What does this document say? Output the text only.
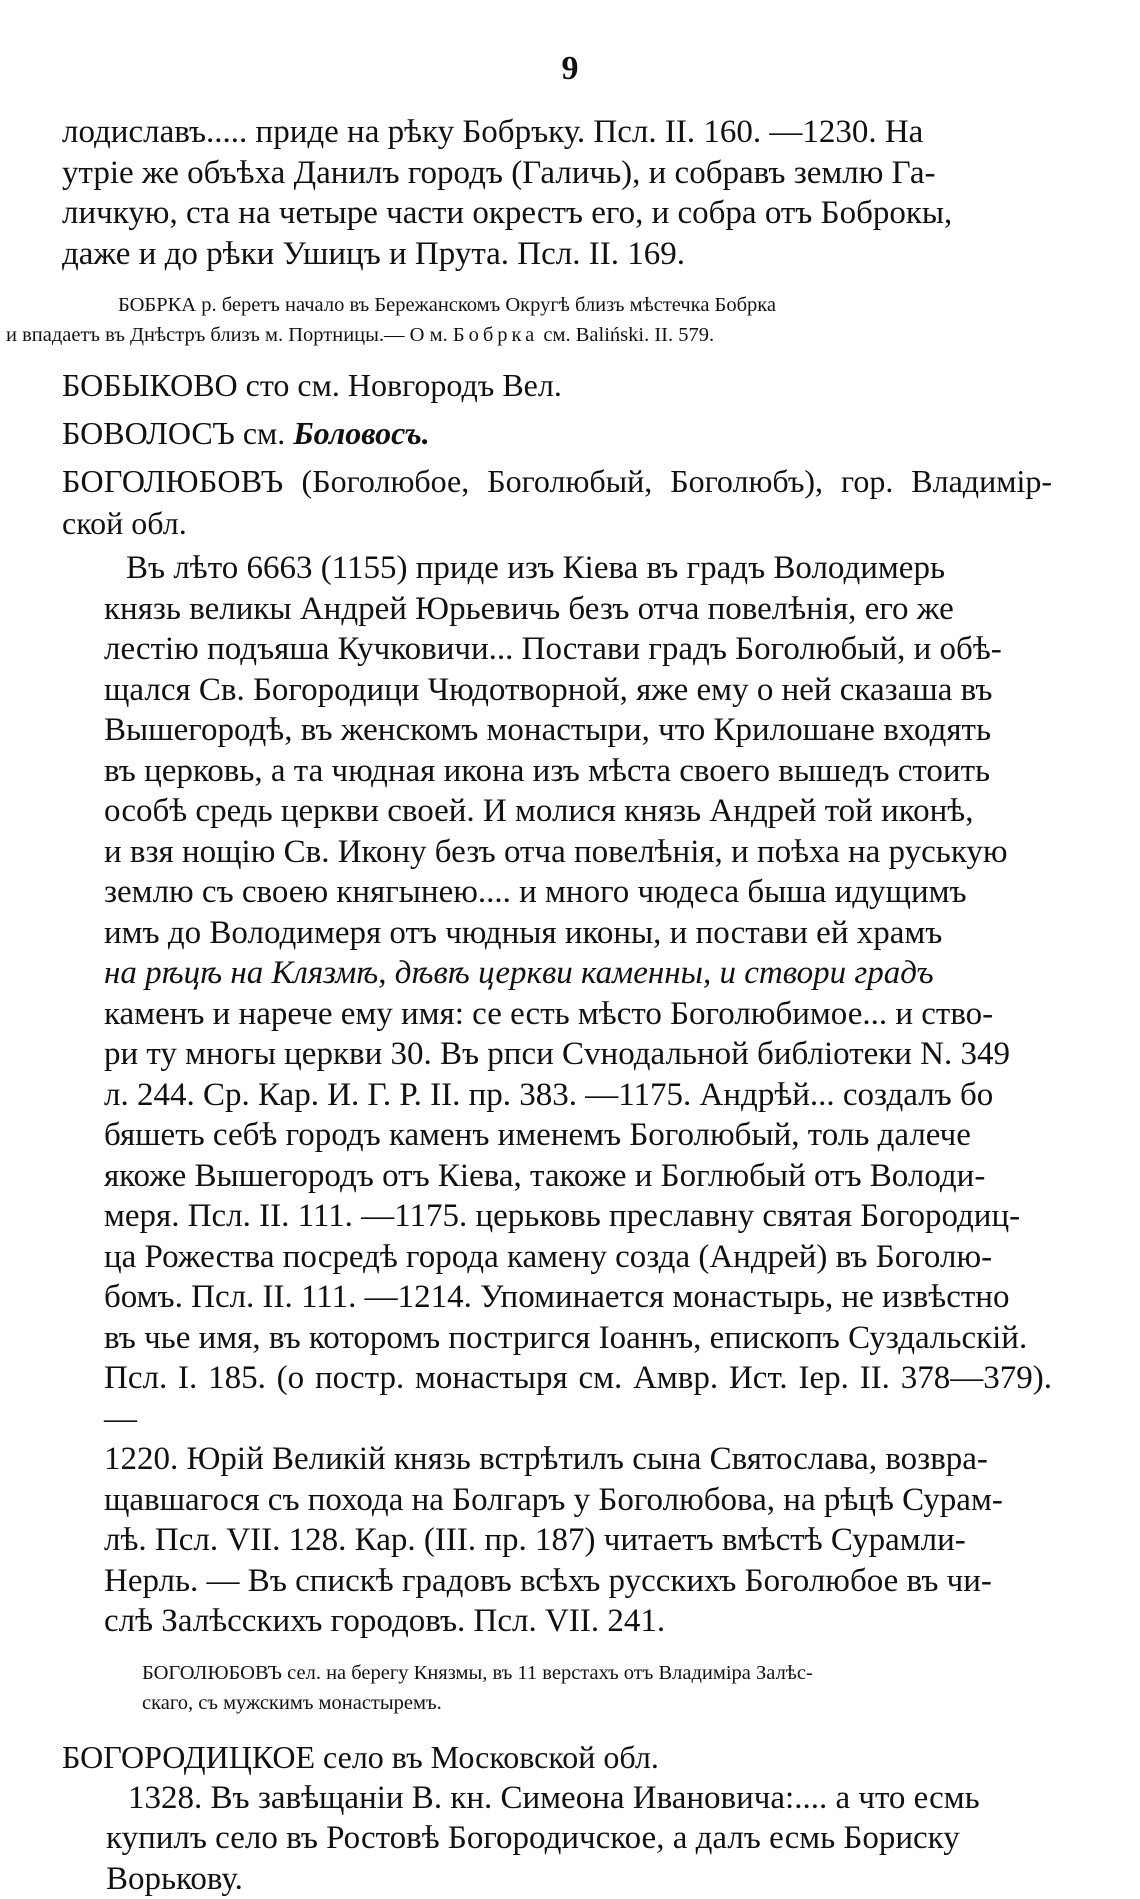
9
лодиславъ..... приде на рѣку Бобръку. Псл. II. 160. —1230. На
утріе же объѣха Данилъ городъ (Галичь), и собравъ землю Га-
личкую, ста на четыре части окрестъ его, и собра отъ Боброкы,
даже и до рѣки Ушицъ и Прута. Псл. II. 169.
БОБРКА р. беретъ начало въ Бережанскомъ Округѣ близъ мѣстечка Бобрка
и впадаетъ въ Днѣстръ близъ м. Портницы.— О м. Бобрка см. Baliński. II. 579.
БОБЫКОВО сто см. Новгородъ Вел.
БОВОЛОСЪ см. Боловосъ.
БОГОЛЮБОВЪ (Боголюбое, Боголюбый, Боголюбъ), гор. Владимір-
ской обл.
Въ лѣто 6663 (1155) приде изъ Кіева въ градъ Володимерь
князь великы Андрей Юрьевичь безъ отча повелѣнія, его же
лестію подъяша Кучковичи... Постави градъ Боголюбый, и обѣ-
щался Св. Богородици Чюдотворной, яже ему о ней сказаша въ
Вышегородѣ, въ женскомъ монастыри, что Крилошане входять
въ церковь, а та чюдная икона изъ мѣста своего вышедъ стоить
особѣ средь церкви своей. И молися князь Андрей той иконѣ,
и взя нощію Св. Икону безъ отча повелѣнія, и поѣха на руськую
землю съ своею княгынею.... и много чюдеса быша идущимъ
имъ до Володимеря отъ чюдныя иконы, и постави ей храмъ
на рѣцѣ на Клязмѣ, дѣвѣ церкви каменны, и створи градъ
каменъ и нарече ему имя: се есть мѣсто Боголюбимое... и ство-
ри ту многы церкви 30. Въ рпси Сvнодальной библіотеки N. 349
л. 244. Ср. Кар. И. Г. Р. II. пр. 383. —1175. Андрѣй... создалъ бо
бяшеть себѣ городъ каменъ именемъ Боголюбый, толь далече
якоже Вышегородъ отъ Кіева, такоже и Боглюбый отъ Володи-
меря. Псл. II. 111. —1175. церьковь преславну святая Богородиц-
ца Рожества посредѣ города камену созда (Андрей) въ Боголю-
бомъ. Псл. II. 111. —1214. Упоминается монастырь, не извѣстно
въ чье имя, въ которомъ постригся Іоаннъ, епископъ Суздальскій.
Псл. I. 185. (о постр. монастыря см. Амвр. Ист. Іер. II. 378—379).—
1220. Юрій Великій князь встрѣтилъ сына Святослава, возвра-
щавшагося съ похода на Болгаръ у Боголюбова, на рѣцѣ Сурам-
лѣ. Псл. VII. 128. Кар. (III. пр. 187) читаетъ вмѣстѣ Сурамли-
Нерль. — Въ спискѣ градовъ всѣхъ русскихъ Боголюбое въ чи-
слѣ Залѣсскихъ городовъ. Псл. VII. 241.
БОГОЛЮБОВЪ сел. на берегу Князмы, въ 11 верстахъ отъ Владиміра Залѣс-
скаго, съ мужскимъ монастыремъ.
БОГОРОДИЦКОЕ село въ Московской обл.
1328. Въ завѣщаніи В. кн. Симеона Ивановича:.... а что есмь
купилъ село въ Ростовѣ Богородичское, а далъ есмь Бориску
Ворькову.
